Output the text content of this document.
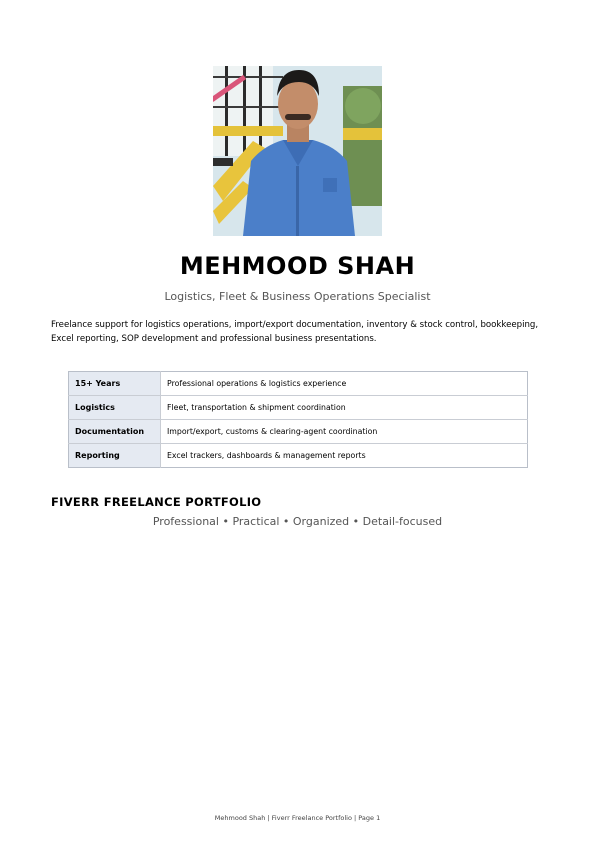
MEHMOOD SHAH
Logistics, Fleet & Business Operations Specialist
Freelance support for logistics operations, import/export documentation, inventory & stock control, bookkeeping, Excel reporting, SOP development and professional business presentations.
15+ Years	Professional operations & logistics experience
Logistics	Fleet, transportation & shipment coordination
Documentation	Import/export, customs & clearing-agent coordination
Reporting	Excel trackers, dashboards & management reports
FIVERR FREELANCE PORTFOLIO
Professional • Practical • Organized • Detail-focused
Mehmood Shah | Fiverr Freelance Portfolio | Page 1
